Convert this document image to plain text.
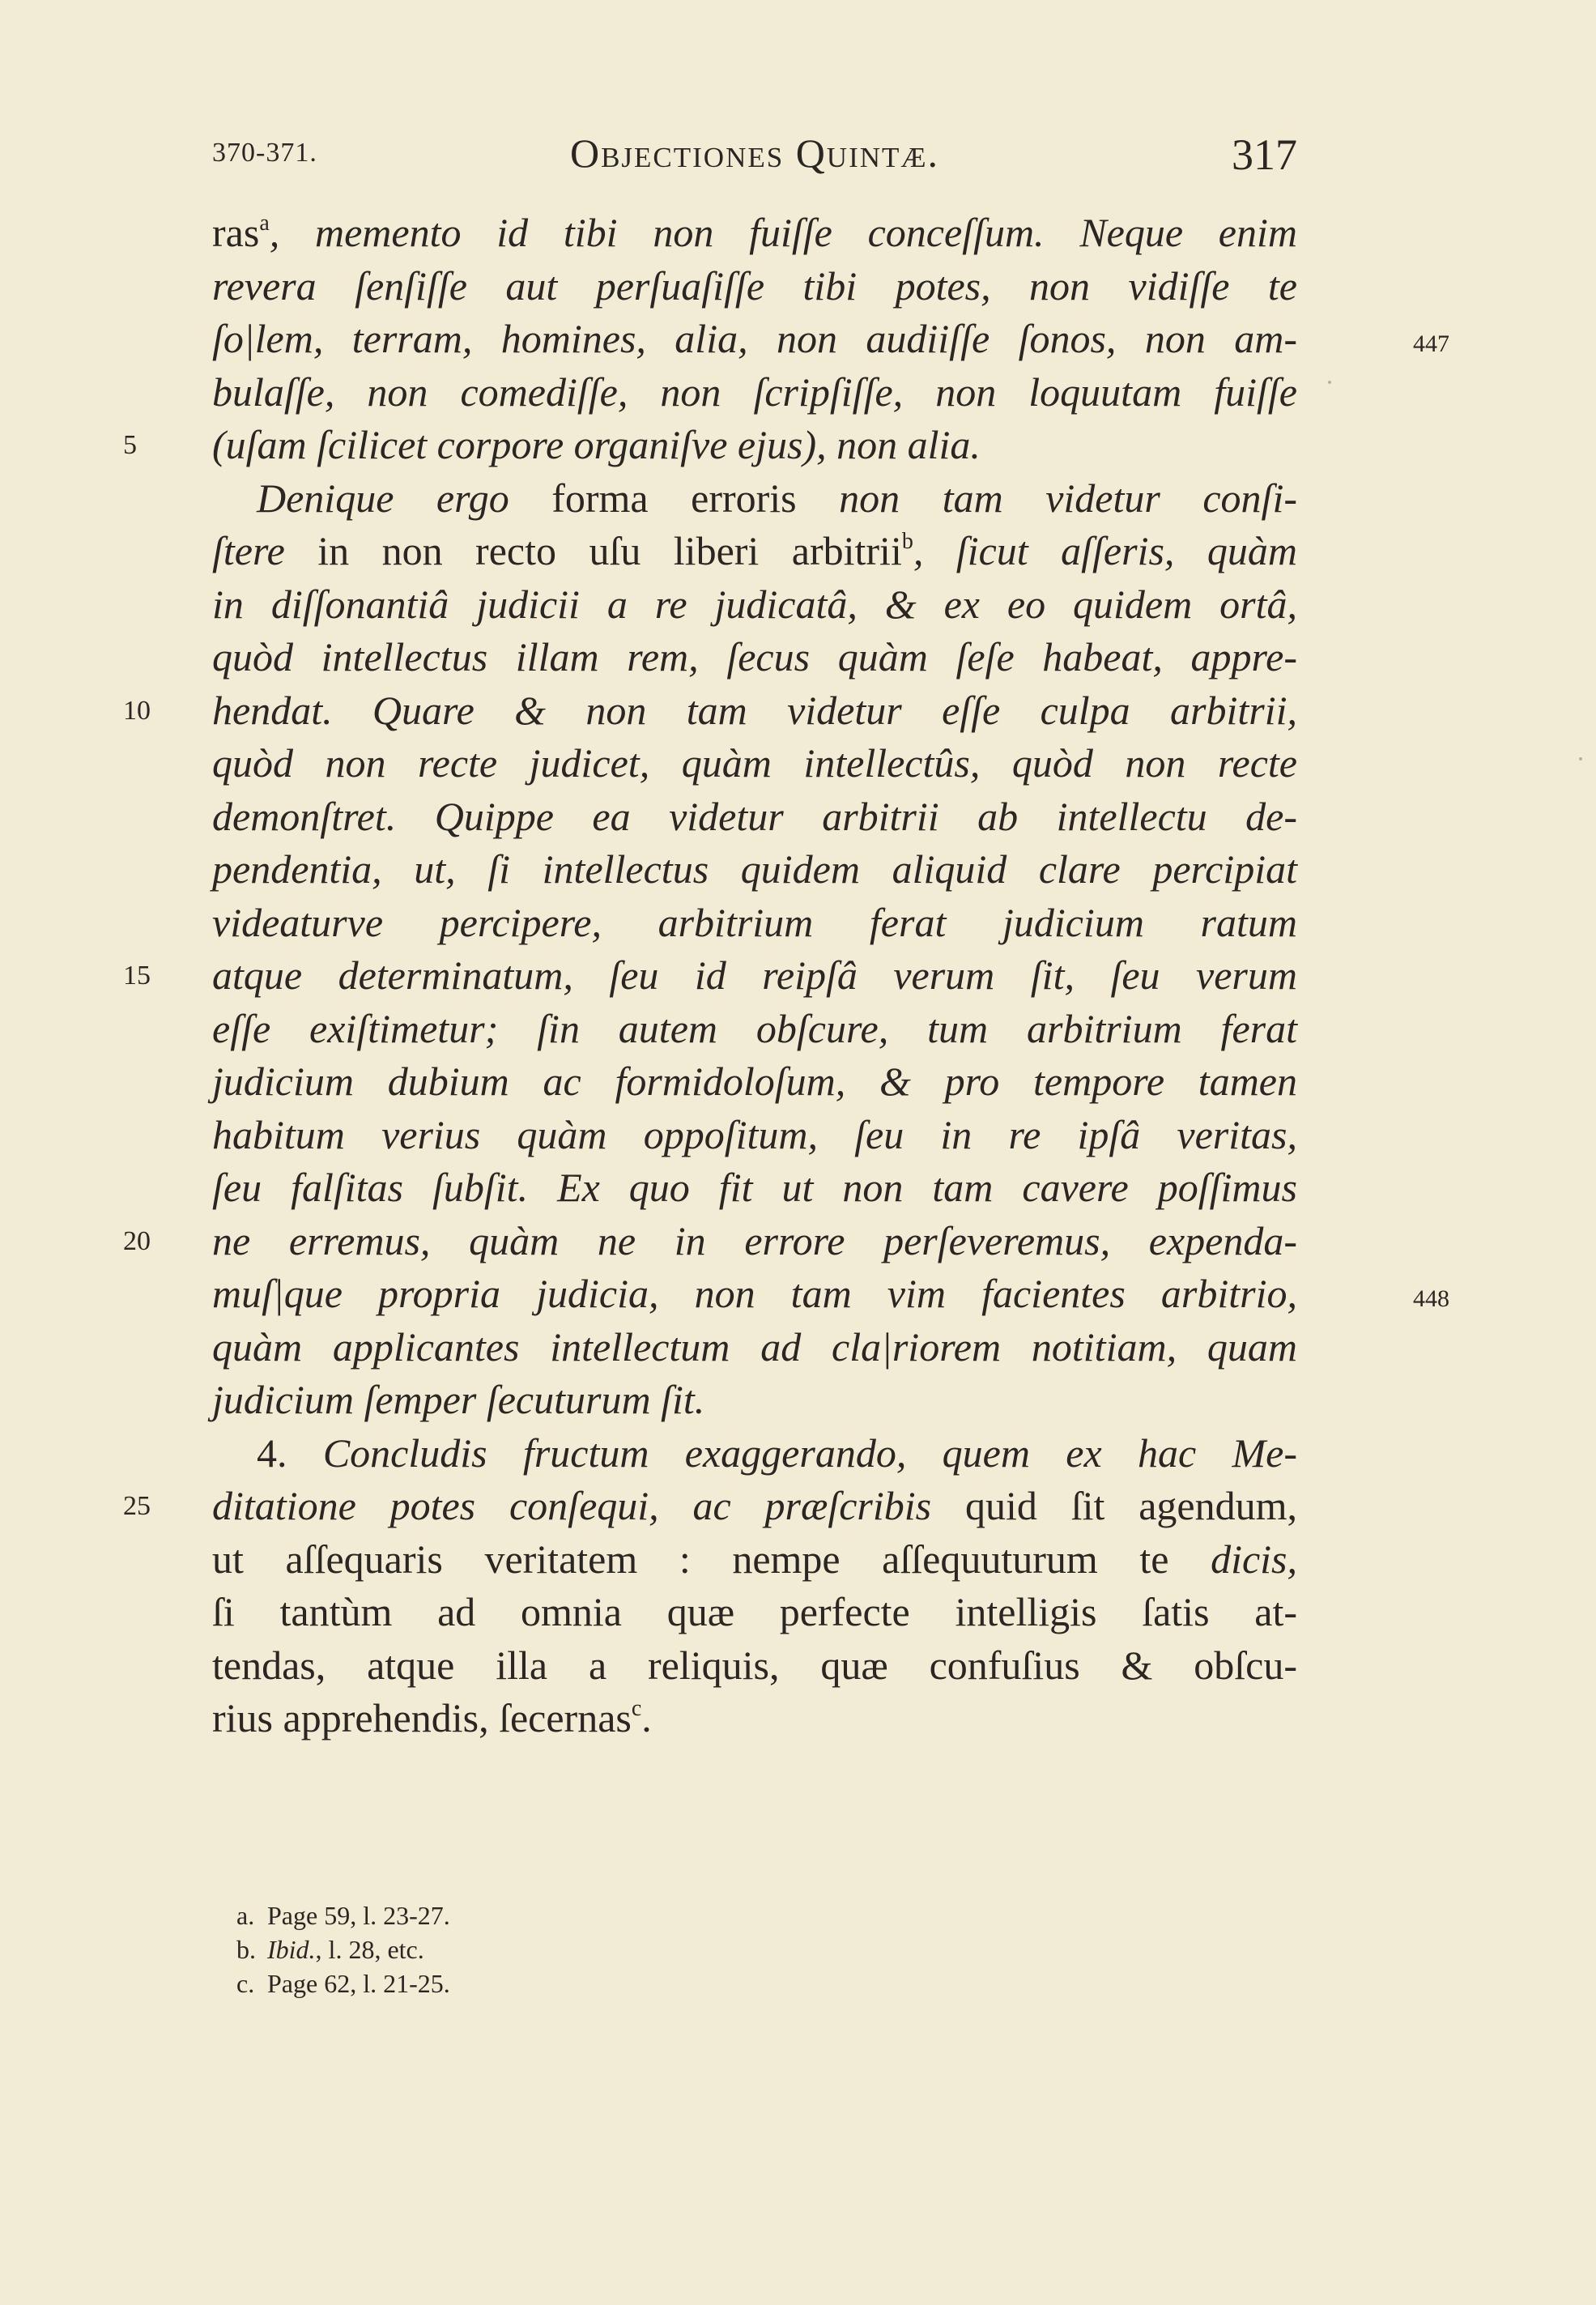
370-371.	Objectiones Quintæ.	317
ras$^a$, memento id tibi non fuiſſe conceſſum. Neque enim
revera ſenſiſſe aut perſuaſiſſe tibi potes, non vidiſſe te
ſo|lem, terram, homines, alia, non audiiſſe ſonos, non am-	447
bulaſſe, non comediſſe, non ſcripſiſſe, non loquutam fuiſſe
5	(uſam ſcilicet corpore organiſve ejus), non alia.
Denique ergo forma erroris non tam videtur conſi-
ſtere in non recto uſu liberi arbitrii$^b$, ſicut aſſeris, quàm
in diſſonantiâ judicii a re judicatâ, & ex eo quidem ortâ,
quòd intellectus illam rem, ſecus quàm ſeſe habeat, appre-
10 hendat. Quare & non tam videtur eſſe culpa arbitrii,
quòd non recte judicet, quàm intellectûs, quòd non recte
demonſtret. Quippe ea videtur arbitrii ab intellectu de-
pendentia, ut, ſi intellectus quidem aliquid clare percipiat
videaturve percipere, arbitrium ferat judicium ratum
15 atque determinatum, ſeu id reipſâ verum ſit, ſeu verum
eſſe exiſtimetur; ſin autem obſcure, tum arbitrium ferat
judicium dubium ac formidoloſum, & pro tempore tamen
habitum verius quàm oppoſitum, ſeu in re ipſâ veritas,
ſeu falſitas ſubſit. Ex quo fit ut non tam cavere poſſimus
20 ne erremus, quàm ne in errore perſeveremus, expenda-
muſ|que propria judicia, non tam vim facientes arbitrio,	448
quàm applicantes intellectum ad cla|riorem notitiam, quam
judicium ſemper ſecuturum ſit.
4. Concludis fructum exaggerando, quem ex hac Me-
25 ditatione potes conſequi, ac præſcribis quid ſit agendum,
ut aſſequaris veritatem : nempe aſſequuturum te dicis,
ſi tantùm ad omnia quæ perfecte intelligis ſatis at-
tendas, atque illa a reliquis, quæ confuſius & obſcu-
rius apprehendis, ſecernas$^c$.
a. Page 59, l. 23-27.
b. Ibid., l. 28, etc.
c. Page 62, l. 21-25.
